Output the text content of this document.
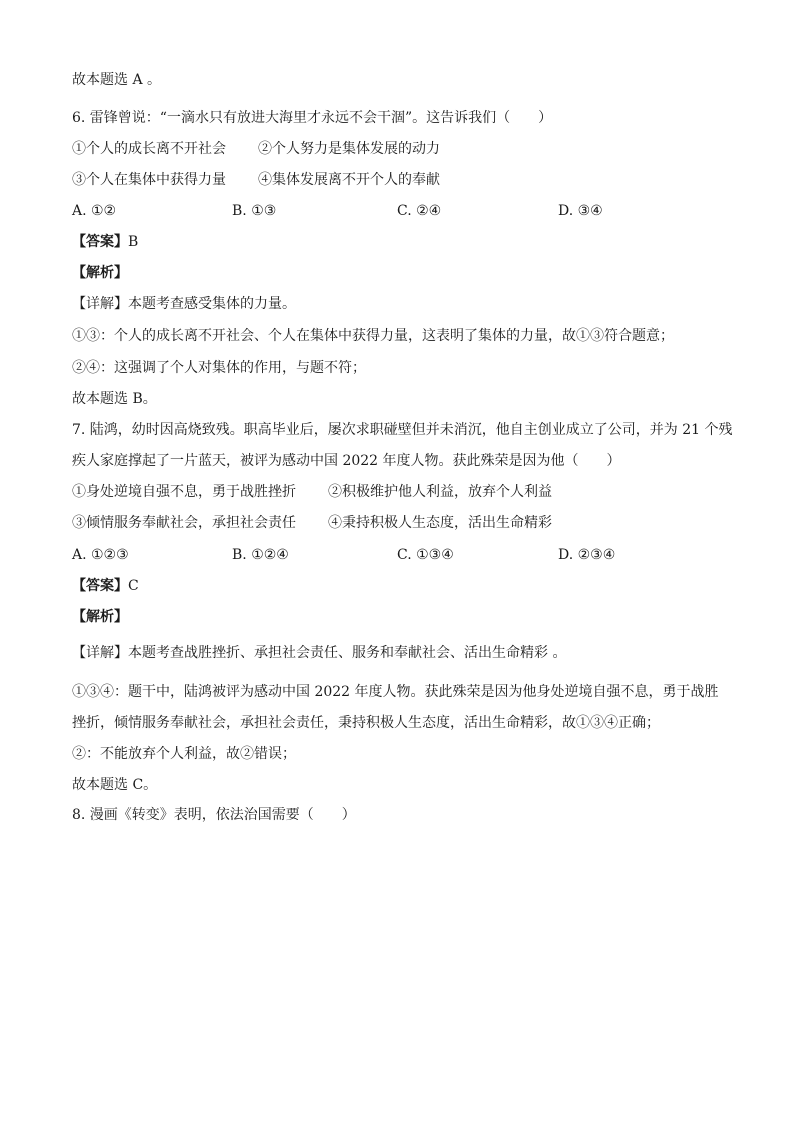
故本题选 A 。
6. 雷锋曾说：“一滴水只有放进大海里才永远不会干涸”。这告诉我们（　　）
①个人的成长离不开社会 ②个人努力是集体发展的动力
③个人在集体中获得力量 ④集体发展离不开个人的奉献
A. ①②	B. ①③	C. ②④	D. ③④
【答案】B
【解析】
【详解】本题考查感受集体的力量。
①③：个人的成长离不开社会、个人在集体中获得力量，这表明了集体的力量，故①③符合题意；
②④：这强调了个人对集体的作用，与题不符；
故本题选 B。
7. 陆鸿，幼时因高烧致残。职高毕业后，屡次求职碰壁但并未消沉，他自主创业成立了公司，并为 21 个残
疾人家庭撑起了一片蓝天，被评为感动中国 2022 年度人物。获此殊荣是因为他（　　）
①身处逆境自强不息，勇于战胜挫折 ②积极维护他人利益，放弃个人利益
③倾情服务奉献社会，承担社会责任 ④秉持积极人生态度，活出生命精彩
A. ①②③	B. ①②④	C. ①③④	D. ②③④
【答案】C
【解析】
【详解】本题考查战胜挫折、承担社会责任、服务和奉献社会、活出生命精彩 。
①③④：题干中，陆鸿被评为感动中国 2022 年度人物。获此殊荣是因为他身处逆境自强不息，勇于战胜
挫折，倾情服务奉献社会，承担社会责任，秉持积极人生态度，活出生命精彩，故①③④正确；
②：不能放弃个人利益，故②错误；
故本题选 C。
8. 漫画《转变》表明，依法治国需要（　　）
